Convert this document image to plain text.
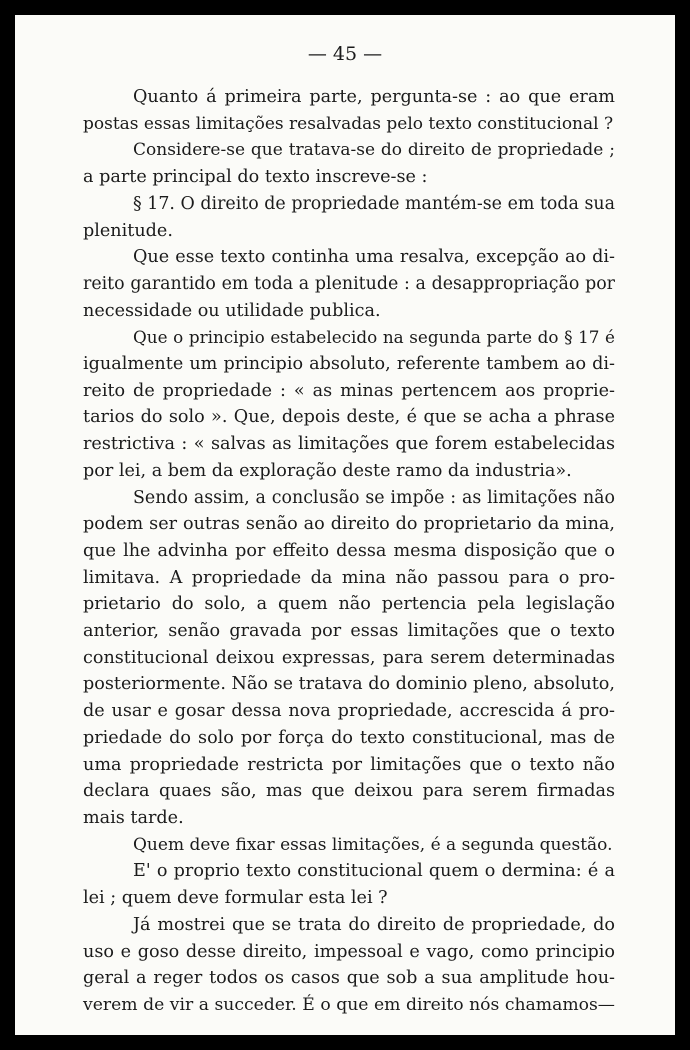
— 45 —
Quanto á primeira parte, pergunta-se : ao que eram
postas essas limitações resalvadas pelo texto constitucional ?
Considere-se que tratava-se do direito de propriedade ;
a parte principal do texto inscreve-se :
§ 17. O direito de propriedade mantém-se em toda sua
plenitude.
Que esse texto continha uma resalva, excepção ao di-
reito garantido em toda a plenitude : a desappropriação por
necessidade ou utilidade publica.
Que o principio estabelecido na segunda parte do § 17 é
igualmente um principio absoluto, referente tambem ao di-
reito de propriedade : « as minas pertencem aos proprie-
tarios do solo ». Que, depois deste, é que se acha a phrase
restrictiva : « salvas as limitações que forem estabelecidas
por lei, a bem da exploração deste ramo da industria».
Sendo assim, a conclusão se impõe : as limitações não
podem ser outras senão ao direito do proprietario da mina,
que lhe advinha por effeito dessa mesma disposição que o
limitava. A propriedade da mina não passou para o pro-
prietario do solo, a quem não pertencia pela legislação
anterior, senão gravada por essas limitações que o texto
constitucional deixou expressas, para serem determinadas
posteriormente. Não se tratava do dominio pleno, absoluto,
de usar e gosar dessa nova propriedade, accrescida á pro-
priedade do solo por força do texto constitucional, mas de
uma propriedade restricta por limitações que o texto não
declara quaes são, mas que deixou para serem firmadas
mais tarde.
Quem deve fixar essas limitações, é a segunda questão.
E' o proprio texto constitucional quem o dermina: é a
lei ; quem deve formular esta lei ?
Já mostrei que se trata do direito de propriedade, do
uso e goso desse direito, impessoal e vago, como principio
geral a reger todos os casos que sob a sua amplitude hou-
verem de vir a succeder. É o que em direito nós chamamos—
